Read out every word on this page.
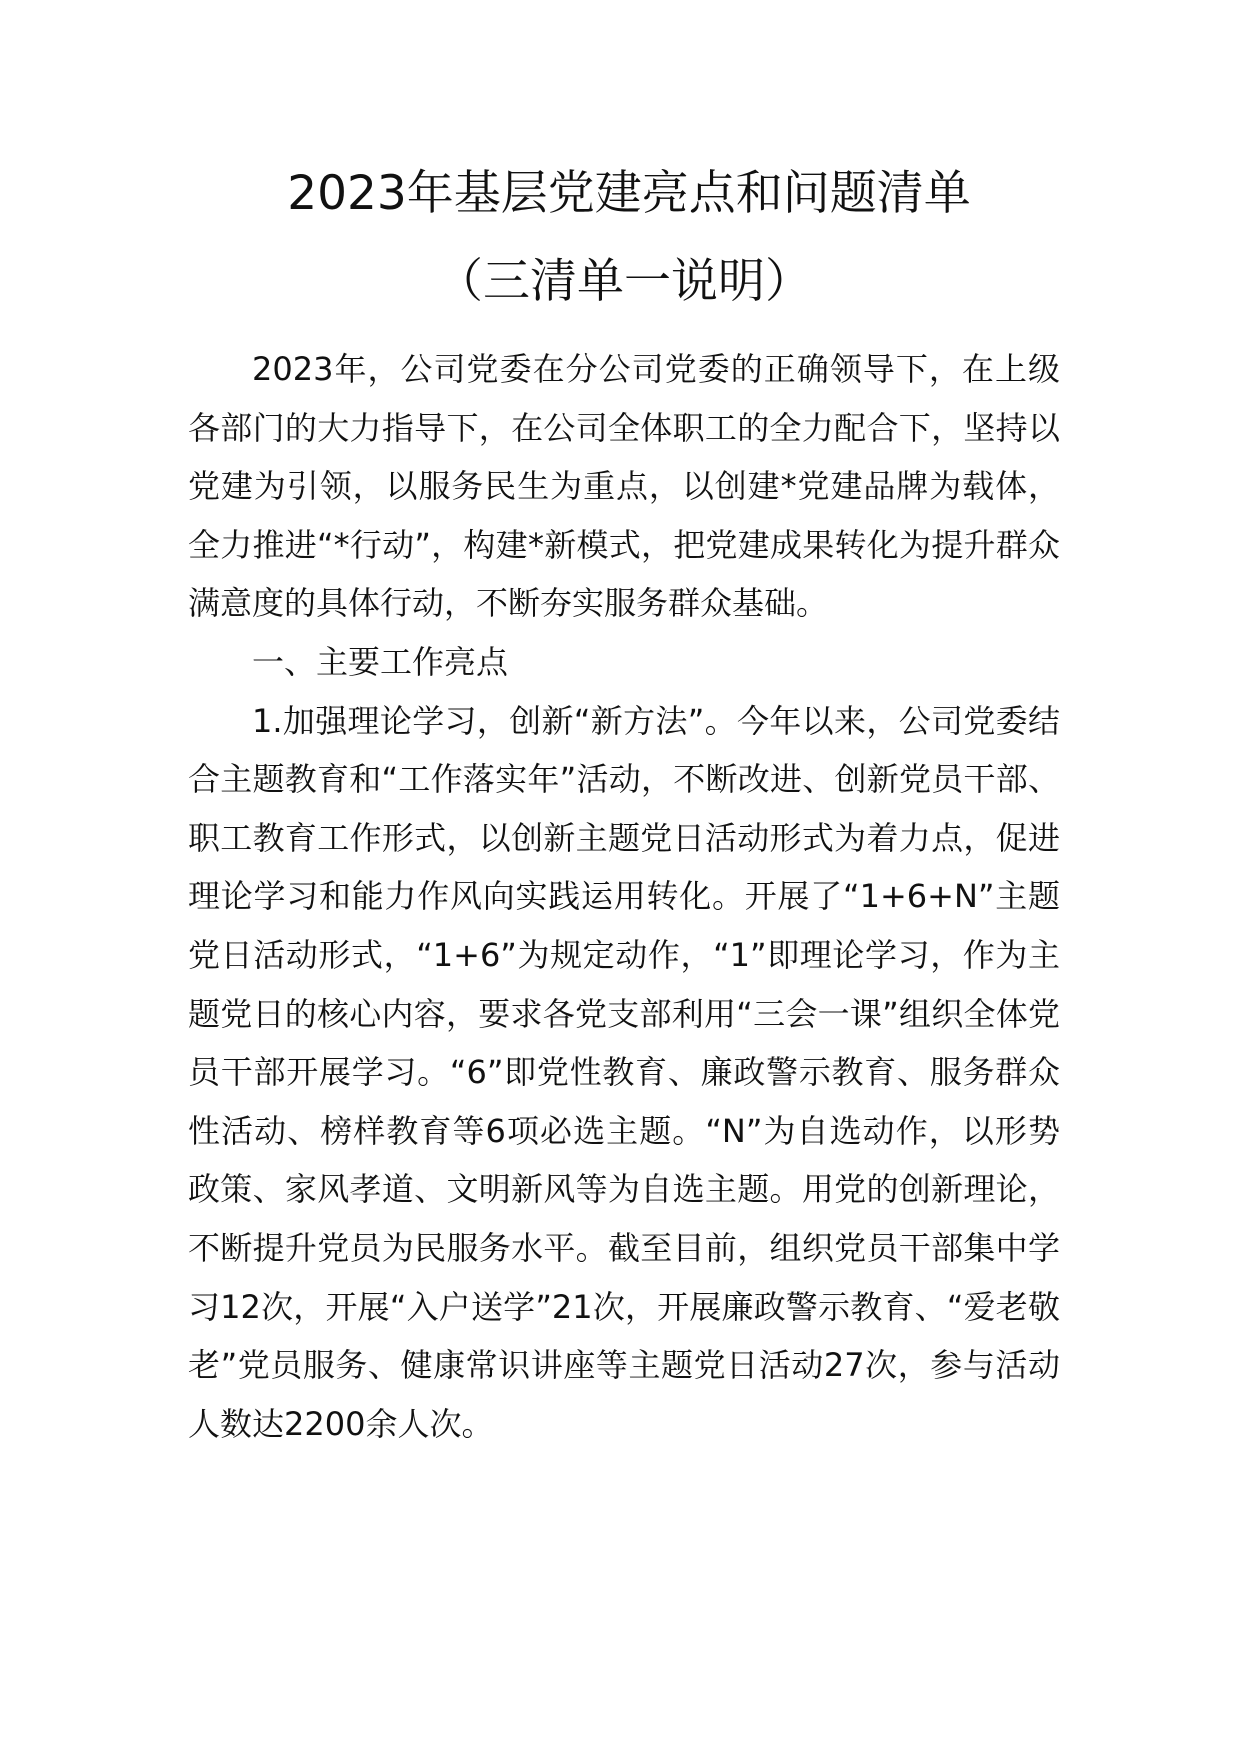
2023年基层党建亮点和问题清单
（三清单一说明）

2023年，公司党委在分公司党委的正确领导下，在上级各部门的大力指导下，在公司全体职工的全力配合下，坚持以党建为引领，以服务民生为重点，以创建*党建品牌为载体，全力推进“*行动”，构建*新模式，把党建成果转化为提升群众满意度的具体行动，不断夯实服务群众基础。

一、主要工作亮点

1.加强理论学习，创新“新方法”。今年以来，公司党委结合主题教育和“工作落实年”活动，不断改进、创新党员干部、职工教育工作形式，以创新主题党日活动形式为着力点，促进理论学习和能力作风向实践运用转化。开展了“1+6+N”主题党日活动形式，“1+6”为规定动作，“1”即理论学习，作为主题党日的核心内容，要求各党支部利用“三会一课”组织全体党员干部开展学习。“6”即党性教育、廉政警示教育、服务群众性活动、榜样教育等6项必选主题。“N”为自选动作，以形势政策、家风孝道、文明新风等为自选主题。用党的创新理论，不断提升党员为民服务水平。截至目前，组织党员干部集中学习12次，开展“入户送学”21次，开展廉政警示教育、“爱老敬老”党员服务、健康常识讲座等主题党日活动27次，参与活动人数达2200余人次。
